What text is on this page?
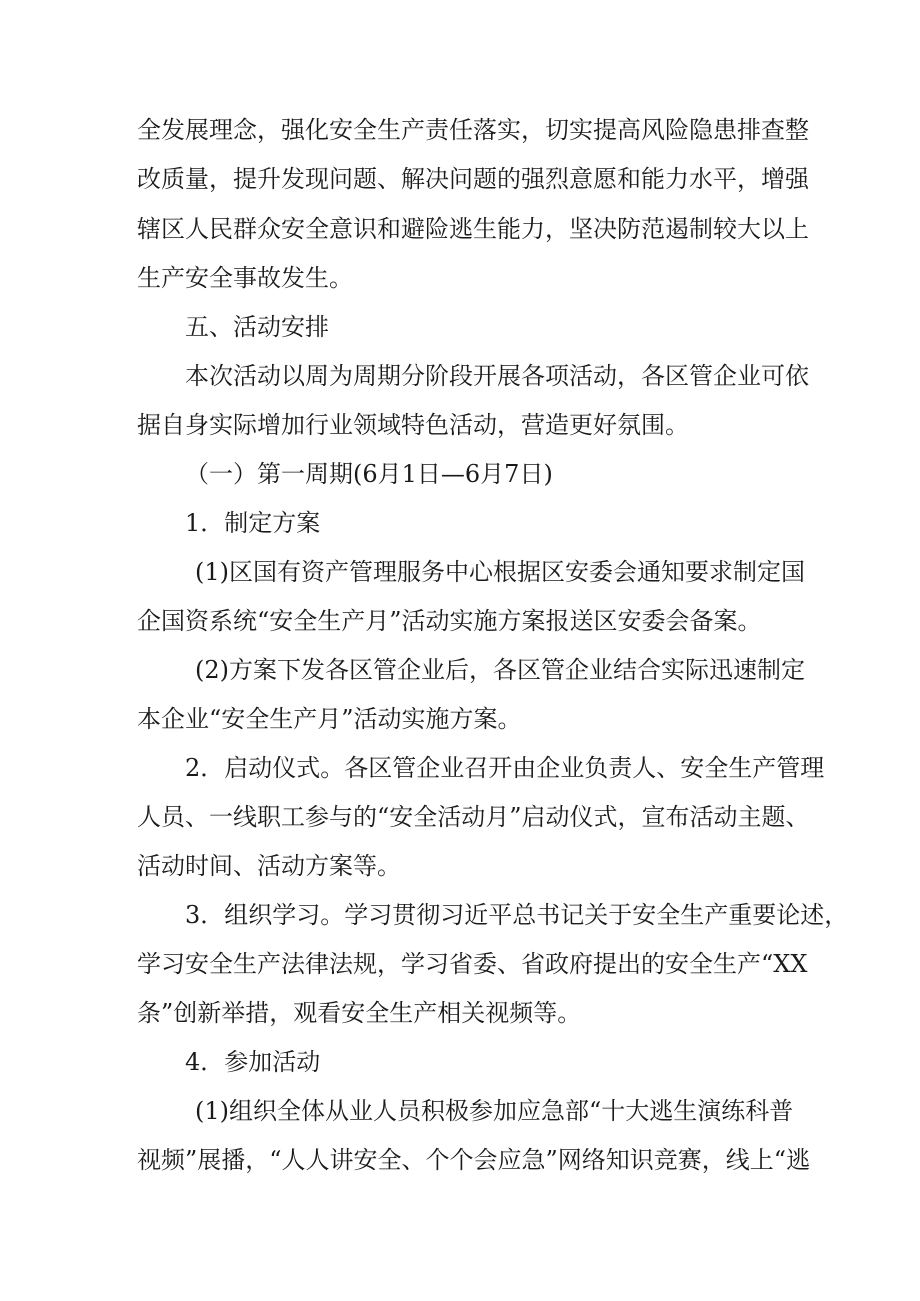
全发展理念，强化安全生产责任落实，切实提高风险隐患排查整
改质量，提升发现问题、解决问题的强烈意愿和能力水平，增强
辖区人民群众安全意识和避险逃生能力，坚决防范遏制较大以上
生产安全事故发生。
五、活动安排
本次活动以周为周期分阶段开展各项活动，各区管企业可依
据自身实际增加行业领域特色活动，营造更好氛围。
（一）第一周期(6月1日—6月7日)
1．制定方案
(1)区国有资产管理服务中心根据区安委会通知要求制定国
企国资系统“安全生产月”活动实施方案报送区安委会备案。
(2)方案下发各区管企业后，各区管企业结合实际迅速制定
本企业“安全生产月”活动实施方案。
2．启动仪式。各区管企业召开由企业负责人、安全生产管理
人员、一线职工参与的“安全活动月”启动仪式，宣布活动主题、
活动时间、活动方案等。
3．组织学习。学习贯彻习近平总书记关于安全生产重要论述，
学习安全生产法律法规，学习省委、省政府提出的安全生产“XX
条”创新举措，观看安全生产相关视频等。
4．参加活动
(1)组织全体从业人员积极参加应急部“十大逃生演练科普
视频”展播，“人人讲安全、个个会应急”网络知识竞赛，线上“逃
